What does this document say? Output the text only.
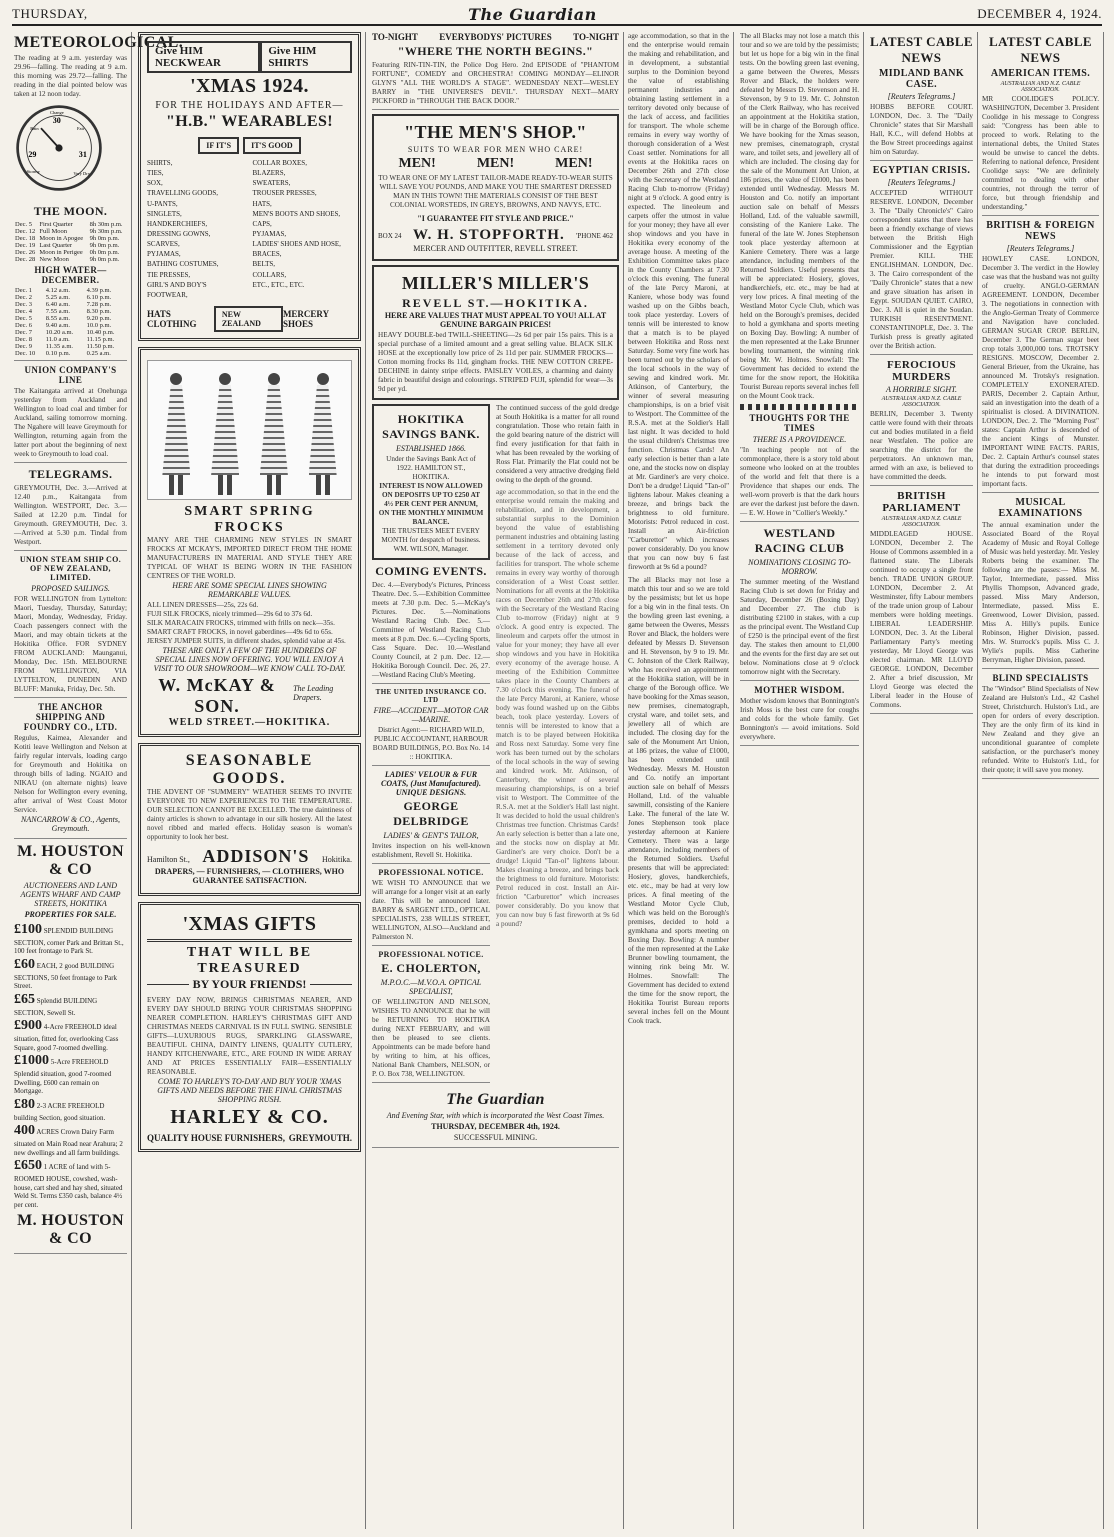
THURSDAY,	The Guardian	DECEMBER 4, 1924.
METEOROLOGICAL.
The reading at 9 a.m. yesterday was 29.96—falling. The reading at 9 a.m. this morning was 29.72—falling. The reading in the dial pointed below was taken at 12 noon today.
29
30
31
Stormy
Rain
Change
Fair
Very Dry
THE MOON.
Dec. 5	First Quarter	8h 30m p.m.
Dec. 12	Full Moon	9h 30m p.m.
Dec. 18	Moon in Apogee	9h 0m p.m.
Dec. 19	Last Quarter	9h 0m p.m.
Dec. 26	Moon in Perigee	0h 0m p.m.
Dec. 28	New Moon	9h 0m p.m.
HIGH WATER—DECEMBER.
Dec. 1	4.12 a.m.	4.39 p.m.
Dec. 2	5.25 a.m.	6.10 p.m.
Dec. 3	6.40 a.m.	7.28 p.m.
Dec. 4	7.55 a.m.	8.30 p.m.
Dec. 5	8.55 a.m.	9.20 p.m.
Dec. 6	9.40 a.m.	10.0 p.m.
Dec. 7	10.20 a.m.	10.40 p.m.
Dec. 8	11.0 a.m.	11.15 p.m.
Dec. 9	11.35 a.m.	11.50 p.m.
Dec. 10	0.10 p.m.	0.25 a.m.
UNION COMPANY'S LINE
The Kaitangata arrived at Onehunga yesterday from Auckland and Wellington to load coal and timber for Auckland, sailing tomorrow morning. The Ngahere will leave Greymouth for Wellington, returning again from the latter port about the beginning of next week to Greymouth to load coal.
TELEGRAMS.
GREYMOUTH, Dec. 3.—Arrived at 12.40 p.m., Kaitangata from Wellington. WESTPORT, Dec. 3.—Sailed at 12.20 p.m. Tindal for Greymouth. GREYMOUTH, Dec. 3.—Arrived at 5.30 p.m. Tindal from Westport.
UNION STEAM SHIP CO. OF NEW ZEALAND, LIMITED.
PROPOSED SAILINGS.
FOR WELLINGTON from Lyttelton: Maori, Tuesday, Thursday, Saturday; Maori, Monday, Wednesday, Friday. Coach passengers connect with the Maori, and may obtain tickets at the Hokitika Office. FOR SYDNEY FROM AUCKLAND: Maunganui, Monday, Dec. 15th. MELBOURNE FROM WELLINGTON, VIA LYTTELTON, DUNEDIN AND BLUFF: Manuka, Friday, Dec. 5th.
THE ANCHOR SHIPPING AND FOUNDRY CO., LTD.
Regulus, Kaimea, Alexander and Kotiti leave Wellington and Nelson at fairly regular intervals, loading cargo for Greymouth and Hokitika on through bills of lading. NGAIO and NIKAU (on alternate nights) leave Nelson for Wellington every evening, after arrival of West Coast Motor Service.
NANCARROW & CO., Agents, Greymouth.
M. HOUSTON & CO
AUCTIONEERS AND LAND AGENTS WHARF AND CAMP STREETS, HOKITIKA
PROPERTIES FOR SALE.
£100 SPLENDID BUILDING SECTION, corner Park and Brittan St., 100 feet frontage to Park St.
£60 EACH, 2 good BUILDING SECTIONS, 50 feet frontage to Park Street.
£65 Splendid BUILDING SECTION, Sewell St.
£900 4-Acre FREEHOLD ideal situation, fitted for, overlooking Cass Square, good 7-roomed dwelling.
£1000 5-Acre FREEHOLD Splendid situation, good 7-roomed Dwelling, £600 can remain on Mortgage.
£80 2-3 ACRE FREEHOLD building Section, good situation.
400 ACRES Crown Dairy Farm situated on Main Road near Arahura; 2 new dwellings and all farm buildings.
£650 1 ACRE of land with 5-ROOMED HOUSE, cowshed, wash-house, cart shed and hay shed, situated Weld St. Terms £350 cash, balance 4½ per cent.
M. HOUSTON & CO
Give HIM NECKWEAR
Give HIM SHIRTS
'XMAS 1924.
FOR THE HOLIDAYS AND AFTER—
"H.B." WEARABLES!
IF IT'S	IT'S GOOD
SHIRTS,
TIES,
SOX,
TRAVELLING GOODS,
U-PANTS,
SINGLETS,
HANDKERCHIEFS,
DRESSING GOWNS,
SCARVES,
PYJAMAS,
BATHING COSTUMES,
TIE PRESSES,
GIRL'S AND BOY'S FOOTWEAR,
COLLAR BOXES,
BLAZERS,
SWEATERS,
TROUSER PRESSES,
HATS,
MEN'S BOOTS AND SHOES,
CAPS,
PYJAMAS,
LADIES' SHOES AND HOSE,
BRACES,
BELTS,
COLLARS,
ETC., ETC., ETC.
HATS CLOTHING
NEW ZEALAND
MERCERY SHOES
SMART SPRING FROCKS
MANY ARE THE CHARMING NEW STYLES IN SMART FROCKS AT MCKAY'S, IMPORTED DIRECT FROM THE HOME MANUFACTURERS IN MATERIAL AND STYLE THEY ARE TYPICAL OF WHAT IS BEING WORN IN THE FASHION CENTRES OF THE WORLD.
HERE ARE SOME SPECIAL LINES SHOWING REMARKABLE VALUES.
ALL LINEN DRESSES—25s, 22s 6d.
FUJI SILK FROCKS, nicely trimmed—29s 6d to 37s 6d.
SILK MARACAIN FROCKS, trimmed with frills on neck—35s.
SMART CRAFT FROCKS, in novel gaberdines—49s 6d to 65s.
JERSEY JUMPER SUITS, in different shades, splendid value at 45s.
THESE ARE ONLY A FEW OF THE HUNDREDS OF SPECIAL LINES NOW OFFERING. YOU WILL ENJOY A VISIT TO OUR SHOWROOM—WE KNOW CALL TO-DAY.
W. McKAY & SON.
The Leading Drapers.
WELD STREET.—HOKITIKA.
SEASONABLE GOODS.
THE ADVENT OF "SUMMERY" WEATHER SEEMS TO INVITE EVERYONE TO NEW EXPERIENCES TO THE TEMPERATURE. OUR SELECTION CANNOT BE EXCELLED. The true daintiness of dainty articles is shown to advantage in our silk hosiery. All the latest novel ribbed and marled effects. Holiday season is woman's opportunity to look her best.
Hamilton St., ADDISON'S Hokitika.
DRAPERS, — FURNISHERS, — CLOTHIERS, WHO GUARANTEE SATISFACTION.
'XMAS GIFTS
THAT WILL BE TREASURED
BY YOUR FRIENDS!
EVERY DAY NOW, BRINGS CHRISTMAS NEARER, AND EVERY DAY SHOULD BRING YOUR CHRISTMAS SHOPPING NEARER COMPLETION. HARLEY'S CHRISTMAS GIFT AND CHRISTMAS NEEDS CARNIVAL IS IN FULL SWING. SENSIBLE GIFTS—LUXURIOUS RUGS, SPARKLING GLASSWARE, BEAUTIFUL CHINA, DAINTY LINENS, QUALITY CUTLERY, HANDY KITCHENWARE, ETC., ARE FOUND IN WIDE ARRAY AND AT PRICES ESSENTIALLY FAIR—ESSENTIALLY REASONABLE.
COME TO HARLEY'S TO-DAY AND BUY YOUR 'XMAS GIFTS AND NEEDS BEFORE THE FINAL CHRISTMAS SHOPPING RUSH.
HARLEY & CO.
QUALITY HOUSE FURNISHERS, GREYMOUTH.
TO-NIGHT EVERYBODYS' PICTURES TO-NIGHT
"WHERE THE NORTH BEGINS."
Featuring RIN-TIN-TIN, the Police Dog Hero. 2nd EPISODE of "PHANTOM FORTUNE", COMEDY and ORCHESTRA! COMING MONDAY—ELINOR GLYN'S "ALL THE WORLD'S A STAGE". WEDNESDAY NEXT—WESLEY BARRY in "THE UNIVERSE'S DEVIL". THURSDAY NEXT—MARY PICKFORD in "THROUGH THE BACK DOOR."
"THE MEN'S SHOP."
SUITS TO WEAR FOR MEN WHO CARE!
MEN!	MEN!	MEN!
TO WEAR ONE OF MY LATEST TAILOR-MADE READY-TO-WEAR SUITS WILL SAVE YOU POUNDS, AND MAKE YOU THE SMARTEST DRESSED MAN IN THIS TOWN! THE MATERIALS CONSIST OF THE BEST COLONIAL WORSTEDS, IN GREYS, BROWNS, AND NAVYS, ETC.
"I GUARANTEE FIT STYLE AND PRICE."
BOX 24 W. H. STOPFORTH. 'PHONE 462
MERCER AND OUTFITTER, REVELL STREET.
MILLER'S MILLER'S
REVELL ST.—HOKITIKA.
HERE ARE VALUES THAT MUST APPEAL TO YOU! ALL AT GENUINE BARGAIN PRICES!
HEAVY DOUBLE-bed TWILL-SHEETING—2s 6d per pair 15s pairs. This is a special purchase of a limited amount and a great selling value. BLACK SILK HOSE at the exceptionally low price of 2s 11d per pair. SUMMER FROCKS—Cotton morning frocks 8s 11d, gingham frocks. THE NEW COTTON CREPE-DECHINE in dainty stripe effects. PAISLEY VOILES, a charming and dainty fabric in beautiful design and colourings. STRIPED FUJI, splendid for wear—3s 9d per yd.
HOKITIKA SAVINGS BANK.
ESTABLISHED 1866.
Under the Savings Bank Act of 1922. HAMILTON ST., HOKITIKA.
INTEREST IS NOW ALLOWED ON DEPOSITS UP TO £250 AT 4½ PER CENT PER ANNUM, ON THE MONTHLY MINIMUM BALANCE.
THE TRUSTEES MEET EVERY MONTH for despatch of business. WM. WILSON, Manager.
COMING EVENTS.
Dec. 4.—Everybody's Pictures, Princess Theatre. Dec. 5.—Exhibition Committee meets at 7.30 p.m. Dec. 5.—McKay's Pictures. Dec. 5.—Nominations Westland Racing Club. Dec. 5.—Committee of Westland Racing Club meets at 8 p.m. Dec. 6.—Cycling Sports, Cass Square. Dec. 10.—Westland County Council, at 2 p.m. Dec. 12.—Hokitika Borough Council. Dec. 26, 27.—Westland Racing Club's Meeting.
THE UNITED INSURANCE CO. LTD
FIRE—ACCIDENT—MOTOR CAR—MARINE.
District Agent:— RICHARD WILD, PUBLIC ACCOUNTANT, HARBOUR BOARD BUILDINGS, P.O. Box No. 14 :: HOKITIKA.
LADIES' VELOUR & FUR COATS, (Just Manufactured). UNIQUE DESIGNS.
GEORGE DELBRIDGE
LADIES' & GENT'S TAILOR,
Invites inspection on his well-known establishment, Revell St. Hokitika.
PROFESSIONAL NOTICE.
WE WISH TO ANNOUNCE that we will arrange for a longer visit at an early date. This will be announced later. BARRY & SARGENT LTD., OPTICAL SPECIALISTS, 238 WILLIS STREET, WELLINGTON, ALSO—Auckland and Palmerston N.
PROFESSIONAL NOTICE.
E. CHOLERTON,
M.P.O.C.—M.V.O.A. OPTICAL SPECIALIST,
OF WELLINGTON AND NELSON, WISHES TO ANNOUNCE that he will be RETURNING TO HOKITIKA during NEXT FEBRUARY, and will then be pleased to see clients. Appointments can be made before hand by writing to him, at his offices, National Bank Chambers, NELSON, or P. O. Box 738, WELLINGTON.
The continued success of the gold dredge at South Hokitika is a matter for all round congratulation. Those who retain faith in the gold bearing nature of the district will find every justification for that faith in what has been revealed by the working of Ross Flat. Primarily the Flat could not be considered a very attractive dredging field owing to the depth of the ground.
age accommodation, so that in the end the enterprise would remain the making and rehabilitation, and in development, a substantial surplus to the Dominion beyond the value of establishing permanent industries and obtaining lasting settlement in a territory devoted only because of the lack of access, and facilities for transport. The whole scheme remains in every way worthy of thorough consideration of a West Coast settler. Nominations for all events at the Hokitika races on December 26th and 27th close with the Secretary of the Westland Racing Club to-morrow (Friday) night at 9 o'clock. A good entry is expected. The lineoleum and carpets offer the utmost in value for your money; they have all ever shop windows and you have in Hokitika every economy of the average house. A meeting of the Exhibition Committee takes place in the County Chambers at 7.30 o'clock this evening. The funeral of the late Percy Maroni, at Kaniere, whose body was found washed up on the Gibbs beach, took place yesterday. Lovers of tennis will be interested to know that a match is to be played between Hokitika and Ross next Saturday. Some very fine work has been turned out by the scholars of the local schools in the way of sewing and kindred work. Mr. Atkinson, of Canterbury, the winner of several measuring championships, is on a brief visit to Westport. The Committee of the R.S.A. met at the Soldier's Hall last night. It was decided to hold the usual children's Christmas tree function. Christmas Cards! An early selection is better than a late one, and the stocks now on display at Mr. Gardiner's are very choice. Don't be a drudge! Liquid "Tan-ol" lightens labour. Makes cleaning a breeze, and brings back the brightness to old furniture. Motorists: Petrol reduced in cost. Install an Air-friction "Carburettor" which increases power considerably. Do you know that you can now buy 6 fast fireworth at 9s 6d a pound?
The Guardian
And Evening Star, with which is incorporated the West Coast Times.
THURSDAY, DECEMBER 4th, 1924.
SUCCESSFUL MINING.
age accommodation, so that in the end the enterprise would remain the making and rehabilitation, and in development, a substantial surplus to the Dominion beyond the value of establishing permanent industries and obtaining lasting settlement in a territory devoted only because of the lack of access, and facilities for transport. The whole scheme remains in every way worthy of thorough consideration of a West Coast settler. Nominations for all events at the Hokitika races on December 26th and 27th close with the Secretary of the Westland Racing Club to-morrow (Friday) night at 9 o'clock. A good entry is expected. The lineoleum and carpets offer the utmost in value for your money; they have all ever shop windows and you have in Hokitika every economy of the average house. A meeting of the Exhibition Committee takes place in the County Chambers at 7.30 o'clock this evening. The funeral of the late Percy Maroni, at Kaniere, whose body was found washed up on the Gibbs beach, took place yesterday. Lovers of tennis will be interested to know that a match is to be played between Hokitika and Ross next Saturday. Some very fine work has been turned out by the scholars of the local schools in the way of sewing and kindred work. Mr. Atkinson, of Canterbury, the winner of several measuring championships, is on a brief visit to Westport. The Committee of the R.S.A. met at the Soldier's Hall last night. It was decided to hold the usual children's Christmas tree function. Christmas Cards! An early selection is better than a late one, and the stocks now on display at Mr. Gardiner's are very choice. Don't be a drudge! Liquid "Tan-ol" lightens labour. Makes cleaning a breeze, and brings back the brightness to old furniture. Motorists: Petrol reduced in cost. Install an Air-friction "Carburettor" which increases power considerably. Do you know that you can now buy 6 fast fireworth at 9s 6d a pound?
The all Blacks may not lose a match this tour and so we are told by the pessimists; but let us hope for a big win in the final tests. On the bowling green last evening, a game between the Oweres, Messrs Rover and Black, the holders were defeated by Messrs D. Stevenson and H. Stevenson, by 9 to 19. Mr. C. Johnston of the Clerk Railway, who has received an appointment at the Hokitika station, will be in charge of the Borough office. We have booking for the Xmas season, new premises, cinematograph, crystal ware, and toilet sets, and jewellery all of which are included. The closing day for the sale of the Monument Art Union, at 186 prizes, the value of £1000, has been extended until Wednesday. Messrs M. Houston and Co. notify an important auction sale on behalf of Messrs Holland, Ltd. of the valuable sawmill, consisting of the Kaniere Lake. The funeral of the late W. Jones Stephenson took place yesterday afternoon at Kaniere Cemetery. There was a large attendance, including members of the Returned Soldiers. Useful presents that will be appreciated: Hosiery, gloves, handkerchiefs, etc. etc., may be had at very low prices. A final meeting of the Westland Motor Cycle Club, which was held on the Borough's premises, decided to hold a gymkhana and sports meeting on Boxing Day. Bowling: A number of the men represented at the Lake Brunner bowling tournament, the winning rink being Mr. W. Holmes. Snowfall: The Government has decided to extend the time for the snow report, the Hokitika Tourist Bureau reports several inches fell on the Mount Cook track.
The all Blacks may not lose a match this tour and so we are told by the pessimists; but let us hope for a big win in the final tests. On the bowling green last evening, a game between the Oweres, Messrs Rover and Black, the holders were defeated by Messrs D. Stevenson and H. Stevenson, by 9 to 19. Mr. C. Johnston of the Clerk Railway, who has received an appointment at the Hokitika station, will be in charge of the Borough office. We have booking for the Xmas season, new premises, cinematograph, crystal ware, and toilet sets, and jewellery all of which are included. The closing day for the sale of the Monument Art Union, at 186 prizes, the value of £1000, has been extended until Wednesday. Messrs M. Houston and Co. notify an important auction sale on behalf of Messrs Holland, Ltd. of the valuable sawmill, consisting of the Kaniere Lake. The funeral of the late W. Jones Stephenson took place yesterday afternoon at Kaniere Cemetery. There was a large attendance, including members of the Returned Soldiers. Useful presents that will be appreciated: Hosiery, gloves, handkerchiefs, etc. etc., may be had at very low prices. A final meeting of the Westland Motor Cycle Club, which was held on the Borough's premises, decided to hold a gymkhana and sports meeting on Boxing Day. Bowling: A number of the men represented at the Lake Brunner bowling tournament, the winning rink being Mr. W. Holmes. Snowfall: The Government has decided to extend the time for the snow report, the Hokitika Tourist Bureau reports several inches fell on the Mount Cook track.
THOUGHTS FOR THE TIMES
THERE IS A PROVIDENCE.
"In teaching people not of the commonplace, there is a story told about someone who looked on at the troubles of the world and felt that there is a Providence that shapes our ends. The well-worn proverb is that the dark hours are ever the darkest just before the dawn. — E. W. Howe in "Collier's Weekly."
WESTLAND RACING CLUB
NOMINATIONS CLOSING TO-MORROW.
The summer meeting of the Westland Racing Club is set down for Friday and Saturday, December 26 (Boxing Day) and December 27. The club is distributing £2100 in stakes, with a cup as the principal event. The Westland Cup of £250 is the principal event of the first day. The stakes then amount to £1,000 and the events for the first day are set out below. Nominations close at 9 o'clock tomorrow night with the Secretary.
MOTHER WISDOM.
Mother wisdom knows that Bonnington's Irish Moss is the best cure for coughs and colds for the whole family. Get Bonnington's — avoid imitations. Sold everywhere.
LATEST CABLE NEWS
MIDLAND BANK CASE.
[Reuters Telegrams.]
HOBBS BEFORE COURT. LONDON, Dec. 3. The "Daily Chronicle" states that Sir Marshall Hall, K.C., will defend Hobbs at the Bow Street proceedings against him on Saturday.
EGYPTIAN CRISIS.
[Reuters Telegrams.]
ACCEPTED WITHOUT RESERVE. LONDON, December 3. The "Daily Chronicle's" Cairo correspondent states that there has been a friendly exchange of views between the British High Commissioner and the Egyptian Premier. KILL THE ENGLISHMAN. LONDON, Dec. 3. The Cairo correspondent of the "Daily Chronicle" states that a new and grave situation has arisen in Egypt. SOUDAN QUIET. CAIRO, Dec. 3. All is quiet in the Soudan. TURKISH RESENTMENT. CONSTANTINOPLE, Dec. 3. The Turkish press is greatly agitated over the British action.
FEROCIOUS MURDERS
A HORRIBLE SIGHT.
AUSTRALIAN AND N.Z. CABLE ASSOCIATION.
BERLIN, December 3. Twenty cattle were found with their throats cut and bodies mutilated in a field near Westfalen. The police are searching the district for the perpetrators. An unknown man, armed with an axe, is believed to have committed the deeds.
BRITISH PARLIAMENT
AUSTRALIAN AND N.Z. CABLE ASSOCIATION.
MIDDLEAGED HOUSE. LONDON, December 2. The House of Commons assembled in a flattened state. The Liberals continued to occupy a single front bench. TRADE UNION GROUP. LONDON, December 2. At Westminster, fifty Labour members of the trade union group of Labour members were holding meetings. LIBERAL LEADERSHIP. LONDON, Dec. 3. At the Liberal Parliamentary Party's meeting yesterday, Mr Lloyd George was elected chairman. MR LLOYD GEORGE. LONDON, December 2. After a brief discussion, Mr Lloyd George was elected the Liberal leader in the House of Commons.
LATEST CABLE NEWS
AMERICAN ITEMS.
AUSTRALIAN AND N.Z. CABLE ASSOCIATION.
MR COOLIDGE'S POLICY. WASHINGTON, December 3. President Coolidge in his message to Congress said: "Congress has been able to proceed to work. Relating to the international debts, the United States would be unwise to cancel the debts. Referring to national defence, President Coolidge says: "We are definitely committed to dealing with other countries, not through the terror of force, but through friendship and understanding."
BRITISH & FOREIGN NEWS
[Reuters Telegrams.]
HOWLEY CASE. LONDON, December 3. The verdict in the Howley case was that the husband was not guilty of cruelty. ANGLO-GERMAN AGREEMENT. LONDON, December 3. The negotiations in connection with the Anglo-German Treaty of Commerce and Navigation have concluded. GERMAN SUGAR CROP. BERLIN, December 3. The German sugar beet crop totals 3,000,000 tons. TROTSKY RESIGNS. MOSCOW, December 2. General Brieuer, from the Ukraine, has announced M. Trotsky's resignation. COMPLETELY EXONERATED. PARIS, December 2. Captain Arthur, said an investigation into the death of a spiritualist is closed. A DIVINATION. LONDON, Dec. 2. The "Morning Post" states: Captain Arthur is descended of the ancient Kings of Munster. IMPORTANT WINE FACTS. PARIS, Dec. 2. Captain Arthur's counsel states that during the extradition proceedings he intends to put forward most important facts.
MUSICAL EXAMINATIONS
The annual examination under the Associated Board of the Royal Academy of Music and Royal College of Music was held yesterday. Mr. Yesley Roberts being the examiner. The following are the passes:— Miss M. Taylor, Intermediate, passed. Miss Phyllis Thompson, Advanced grade, passed. Miss Mary Anderson, Intermediate, passed. Miss E. Greenwood, Lower Division, passed. Miss A. Hilly's pupils. Eunice Robinson, Higher Division, passed. Mrs. W. Sturrock's pupils. Miss C. J. Wylie's pupils. Miss Catherine Berryman, Higher Division, passed.
BLIND SPECIALISTS
The "Windsor" Blind Specialists of New Zealand are Hulston's Ltd., 42 Cashel Street, Christchurch. Hulston's Ltd., are open for orders of every description. They are the only firm of its kind in New Zealand and they give an unconditional guarantee of complete satisfaction, or the purchaser's money refunded. Write to Hulston's Ltd., for their quote; it will save you money.
